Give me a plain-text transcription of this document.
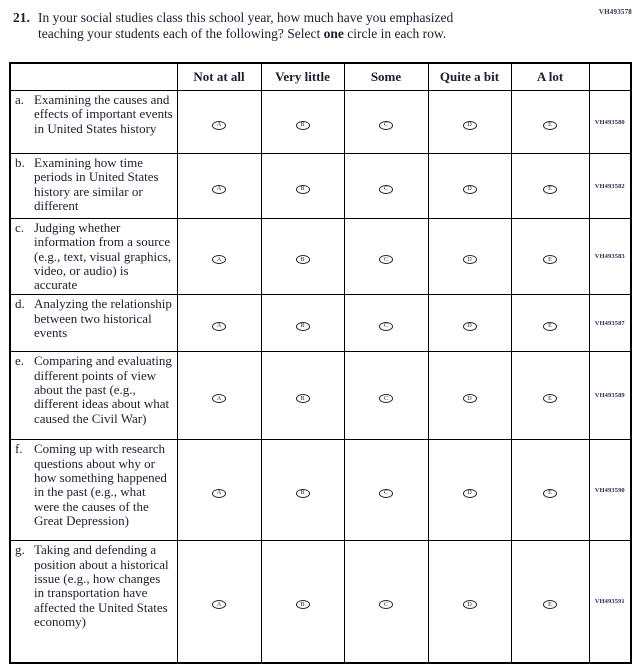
21. In your social studies class this school year, how much have you emphasized
teaching your students each of the following? Select one circle in each row.
VH493578
	Not at all	Very little	Some	Quite a bit	A lot	

a. Examining the causes and effects of important events in United States history	A	B	C	D	E	VH493580

b. Examining how time periods in United States history are similar or different	A	B	C	D	E	VH493582

c. Judging whether information from a source (e.g., text, visual graphics, video, or audio) is accurate	A	B	C	D	E	VH493583

d. Analyzing the relationship between two historical events	A	B	C	D	E	VH493587

e. Comparing and evaluating different points of view about the past (e.g., different ideas about what caused the Civil War)	A	B	C	D	E	VH493589

f. Coming up with research questions about why or how something happened in the past (e.g., what were the causes of the Great Depression)	A	B	C	D	E	VH493590

g. Taking and defending a position about a historical issue (e.g., how changes in transportation have affected the United States economy)	A	B	C	D	E	VH493591
